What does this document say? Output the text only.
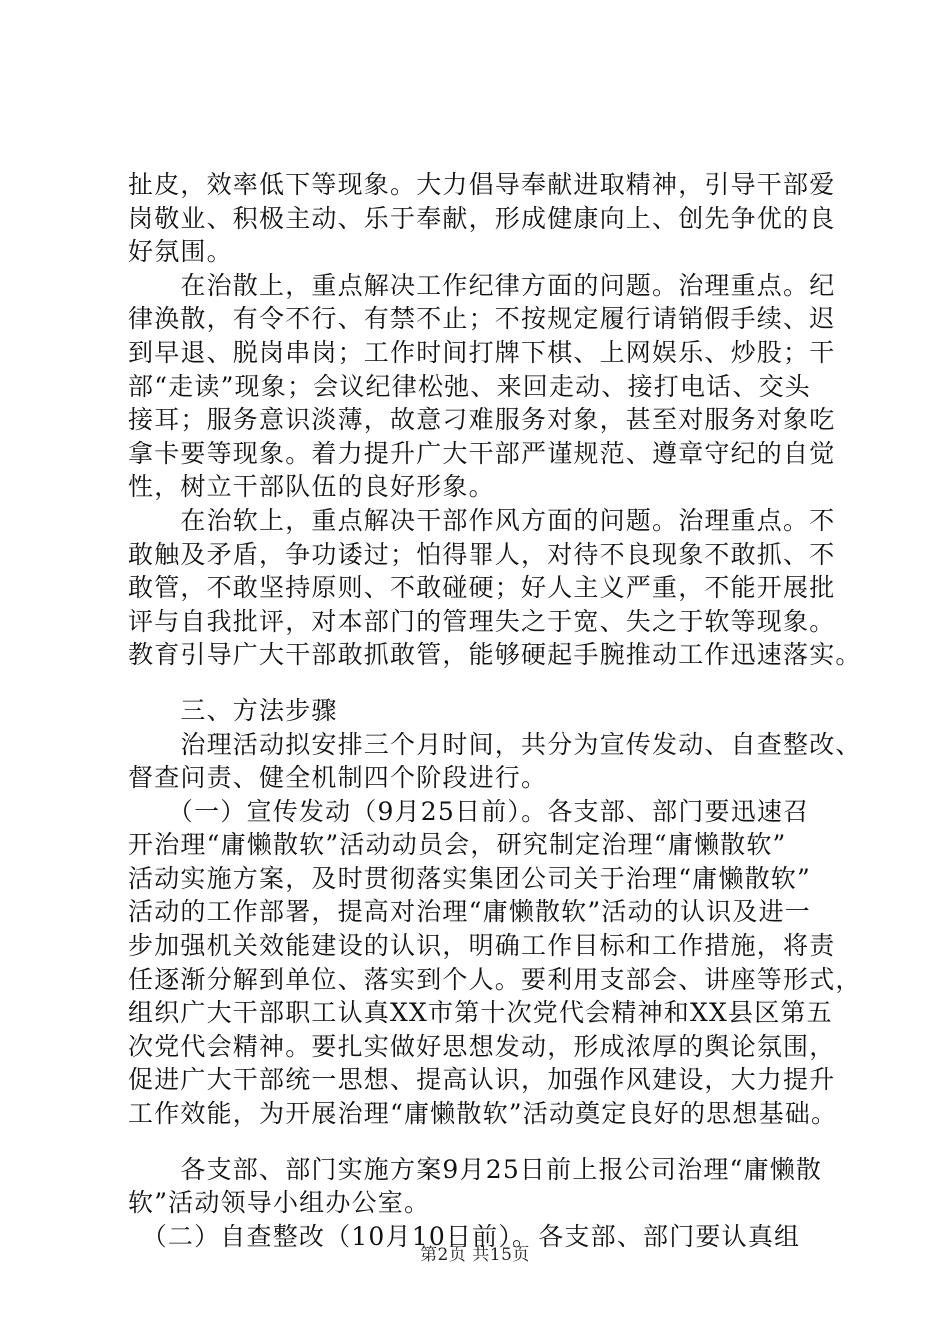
扯皮，效率低下等现象。大力倡导奉献进取精神，引导干部爱
岗敬业、积极主动、乐于奉献，形成健康向上、创先争优的良
好氛围。
　　在治散上，重点解决工作纪律方面的问题。治理重点。纪
律涣散，有令不行、有禁不止；不按规定履行请销假手续、迟
到早退、脱岗串岗；工作时间打牌下棋、上网娱乐、炒股；干
部“走读”现象；会议纪律松弛、来回走动、接打电话、交头
接耳；服务意识淡薄，故意刁难服务对象，甚至对服务对象吃
拿卡要等现象。着力提升广大干部严谨规范、遵章守纪的自觉
性，树立干部队伍的良好形象。
　　在治软上，重点解决干部作风方面的问题。治理重点。不
敢触及矛盾，争功诿过；怕得罪人，对待不良现象不敢抓、不
敢管，不敢坚持原则、不敢碰硬；好人主义严重，不能开展批
评与自我批评，对本部门的管理失之于宽、失之于软等现象。
教育引导广大干部敢抓敢管，能够硬起手腕推动工作迅速落实。
　　三、方法步骤
　　治理活动拟安排三个月时间，共分为宣传发动、自查整改、
督查问责、健全机制四个阶段进行。
　　（一）宣传发动（9月25日前）。各支部、部门要迅速召
开治理“庸懒散软”活动动员会，研究制定治理“庸懒散软”
活动实施方案，及时贯彻落实集团公司关于治理“庸懒散软”
活动的工作部署，提高对治理“庸懒散软”活动的认识及进一
步加强机关效能建设的认识，明确工作目标和工作措施，将责
任逐渐分解到单位、落实到个人。要利用支部会、讲座等形式，
组织广大干部职工认真XX市第十次党代会精神和XX县区第五
次党代会精神。要扎实做好思想发动，形成浓厚的舆论氛围，
促进广大干部统一思想、提高认识，加强作风建设，大力提升
工作效能，为开展治理“庸懒散软”活动奠定良好的思想基础。
　　各支部、部门实施方案9月25日前上报公司治理“庸懒散
软”活动领导小组办公室。
　（二）自查整改（10月10日前）。各支部、部门要认真组
第2页 共15页
